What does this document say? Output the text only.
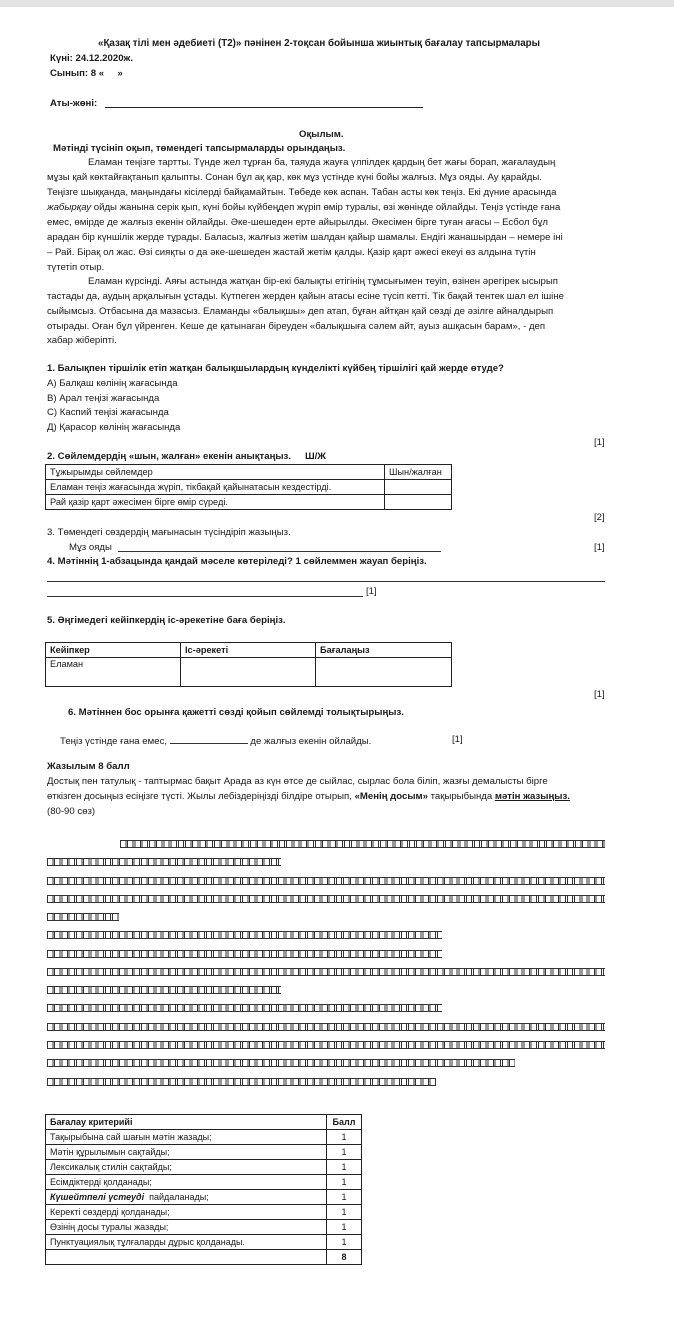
«Қазақ тілі мен әдебиеті (Т2)» пәнінен 2-тоқсан бойынша жиынтық бағалау тапсырмалары
Күні: 24.12.2020ж.
Сынып: 8 «     »
Аты-жөні:
Оқылым.
Мәтінді түсініп оқып, төмендегі тапсырмаларды орындаңыз.
Еламан теңізге тартты. Түнде жел тұрған ба, таяуда жауға үлпілдек қардың бет жағы борап, жағалаудың
мұзы қай көктайғақтанып қалыпты. Сонан бұл ақ қар, көк мұз үстінде күні бойы жалғыз. Мұз ояды. Ау қарайды.
Теңізге шыққанда, маңындағы кісілерді байқамайтын. Төбеде көк аспан. Табан асты көк теңіз. Екі дүние арасында
жабырқау ойды жанына серік қып, күні бойы күйбеңдеп жүріп өмір туралы, өзі жөнінде ойлайды. Теңіз үстінде ғана
емес, өмірде де жалғыз екенін ойлайды. Әке-шешеден ерте айырылды. Әкесімен бірге туған ағасы – Есбол бұл
арадан бір күншілік жерде тұрады. Баласыз, жалғыз жетім шалдан қайыр шамалы. Ендігі жанашырдан – немере іні
– Рай. Бірақ ол жас. Өзі сияқты о да әке-шешеден жастай жетім қалды. Қазір қарт әжесі екеуі өз алдына түтін
түтетіп отыр.
Еламан күрсінді. Аяғы астында жатқан бір-екі балықты етігінің тұмсығымен теуіп, өзінен әрегірек ысырып
тастады да, аудың арқалығын ұстады. Күтпеген жерден қайын атасы есіне түсіп кетті. Тік бақай тентек шал ел ішіне
сыйымсыз. Отбасына да мазасыз. Еламанды «балықшы» деп атап, бұған айтқан қай сөзді де әзілге айналдырып
отырады. Оған бұл үйренген. Кеше де қатынаған біреуден «балықшыға сәлем айт, ауыз ашқасын барам», - деп
хабар жіберіпті.
1. Балықпен тіршілік етіп жатқан балықшылардың күнделікті күйбең тіршілігі қай жерде өтуде?
А) Балқаш көлінің жағасында
В) Арал теңізі жағасында
С) Каспий теңізі жағасында
Д) Қарасор көлінің жағасында
[1]
2. Сөйлемдердің «шын, жалған» екенін анықтаңыз. Ш/Ж
Тұжырымды сөйлемдер	Шын/жалған
Еламан теңіз жағасында жүріп, тікбақай қайынатасын кездестірді.	
Рай қазір қарт әжесімен бірге өмір сүреді.	
[2]
3. Төмендегі сөздердің мағынасын түсіндіріп жазыңыз.
Мұз ояды	[1]
4. Мәтіннің 1-абзацында қандай мәселе көтеріледі? 1 сөйлеммен жауап беріңіз.
[1]
5. Әңгімедегі кейіпкердің іс-әрекетіне баға беріңіз.
Кейіпкер	Іс-әрекеті	Бағалаңыз
Еламан		
[1]
6. Мәтіннен бос орынға қажетті сөзді қойып сөйлемді толықтырыңыз.
Теңіз үстінде ғана емес,	де жалғыз екенін ойлайды.	[1]
Жазылым 8 балл
Достық пен татулық - таптырмас бақыт Арада аз күн өтсе де сыйлас, сырлас бола біліп, жазғы демалысты бірге
өткізген досыңыз есіңізге түсті. Жылы лебіздеріңізді білдіре отырып, «Менің досым» тақырыбында мәтін жазыңыз.
(80-90 сөз)
Бағалау критерийі	Балл
Тақырыбына сай шағын мәтін жазады;	1
Мәтін құрылымын сақтайды;	1
Лексикалық стилін сақтайды;	1
Есімдіктерді қолданады;	1
Күшейтпелі үстеуді  пайдаланады;	1
Керекті сөздерді қолданады;	1
Өзінің досы туралы жазады;	1
Пунктуациялық тұлғаларды дұрыс қолданады.	1
	8
